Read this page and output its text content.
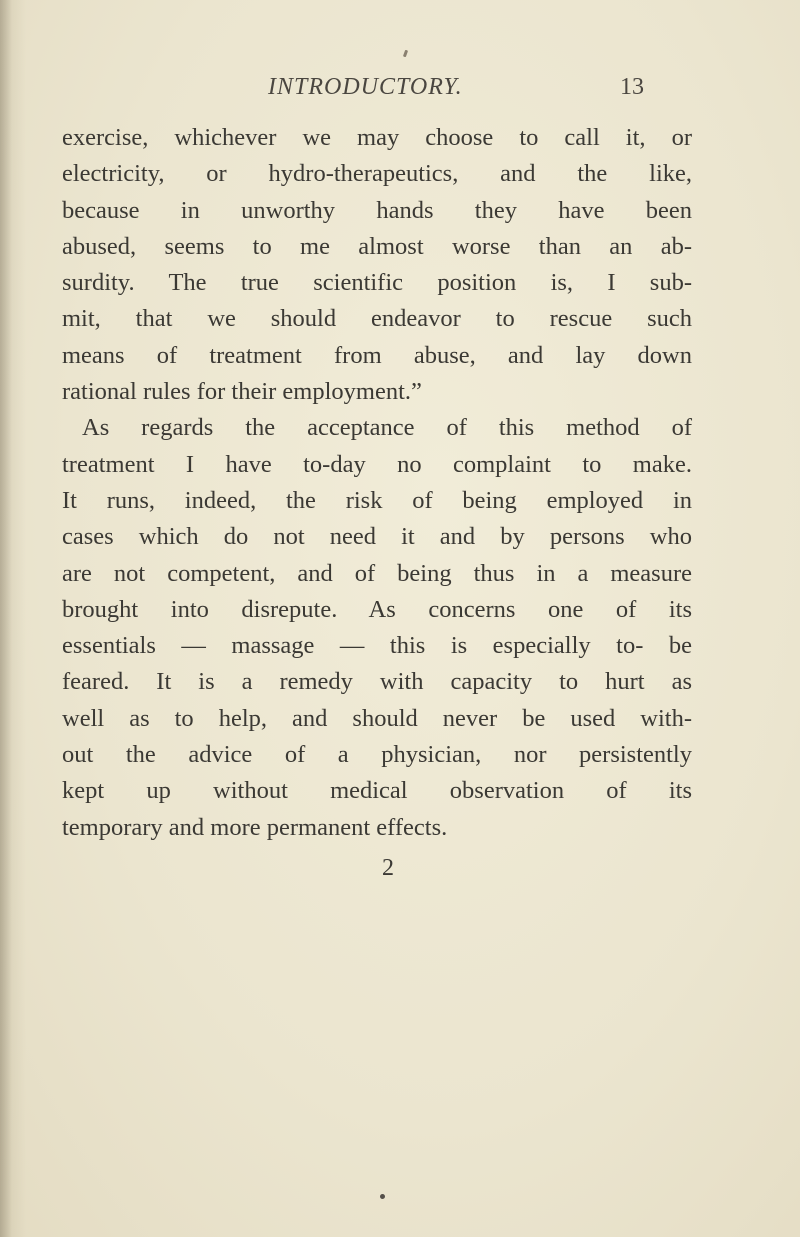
INTRODUCTORY.	13
exercise, whichever we may choose to call it, or
electricity, or hydro-therapeutics, and the like,
because in unworthy hands they have been
abused, seems to me almost worse than an ab-
surdity. The true scientific position is, I sub-
mit, that we should endeavor to rescue such
means of treatment from abuse, and lay down
rational rules for their employment.”
As regards the acceptance of this method of
treatment I have to-day no complaint to make.
It runs, indeed, the risk of being employed in
cases which do not need it and by persons who
are not competent, and of being thus in a measure
brought into disrepute. As concerns one of its
essentials — massage — this is especially to- be
feared. It is a remedy with capacity to hurt as
well as to help, and should never be used with-
out the advice of a physician, nor persistently
kept up without medical observation of its
temporary and more permanent effects.
2
